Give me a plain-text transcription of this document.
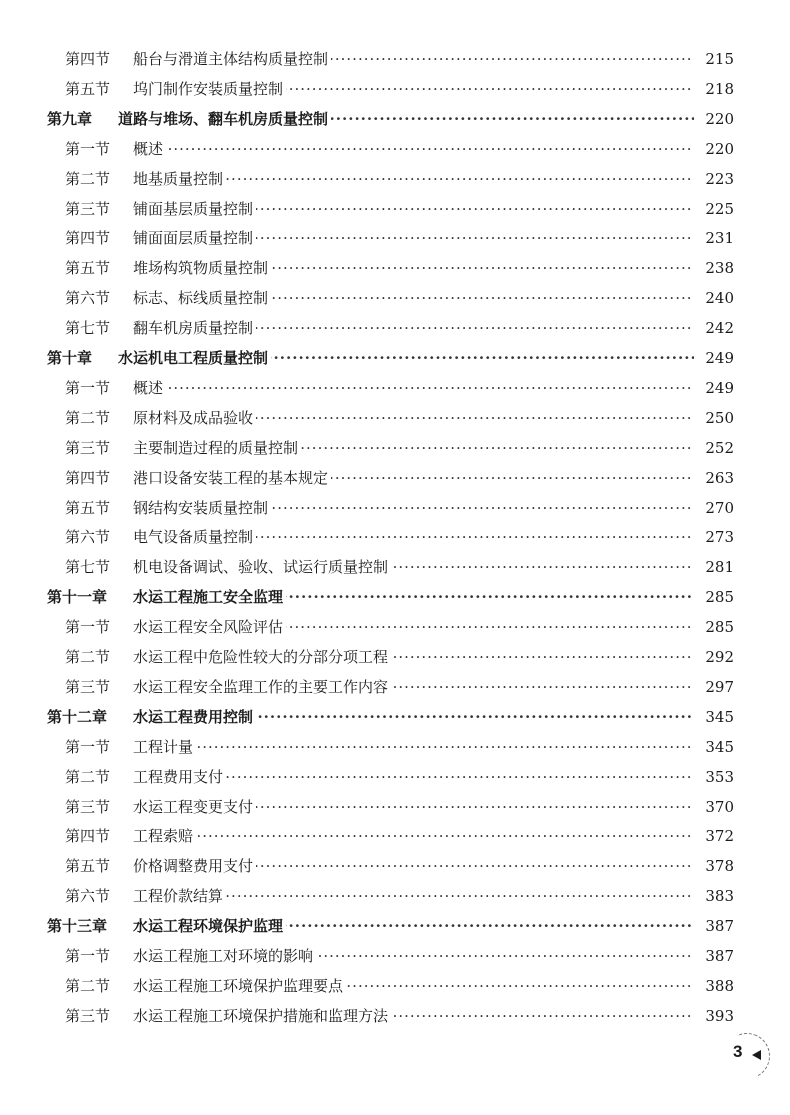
第四节 ····· 船台与滑道主体结构质量控制	215
第五节 ····· 坞门制作安装质量控制	218
第九章 ····· 道路与堆场、翻车机房质量控制	220
第一节 ····· 概述	220
第二节 ····· 地基质量控制	223
第三节 ····· 铺面基层质量控制	225
第四节 ····· 铺面面层质量控制	231
第五节 ····· 堆场构筑物质量控制	238
第六节 ····· 标志、标线质量控制	240
第七节 ····· 翻车机房质量控制	242
第十章 ····· 水运机电工程质量控制	249
第一节 ····· 概述	249
第二节 ····· 原材料及成品验收	250
第三节 ····· 主要制造过程的质量控制	252
第四节 ····· 港口设备安装工程的基本规定	263
第五节 ····· 钢结构安装质量控制	270
第六节 ····· 电气设备质量控制	273
第七节 ····· 机电设备调试、验收、试运行质量控制	281
第十一章 ····· 水运工程施工安全监理	285
第一节 ····· 水运工程安全风险评估	285
第二节 ····· 水运工程中危险性较大的分部分项工程	292
第三节 ····· 水运工程安全监理工作的主要工作内容	297
第十二章 ····· 水运工程费用控制	345
第一节 ····· 工程计量	345
第二节 ····· 工程费用支付	353
第三节 ····· 水运工程变更支付	370
第四节 ····· 工程索赔	372
第五节 ····· 价格调整费用支付	378
第六节 ····· 工程价款结算	383
第十三章 ····· 水运工程环境保护监理	387
第一节 ····· 水运工程施工对环境的影响	387
第二节 ····· 水运工程施工环境保护监理要点	388
第三节 ····· 水运工程施工环境保护措施和监理方法	393
3
